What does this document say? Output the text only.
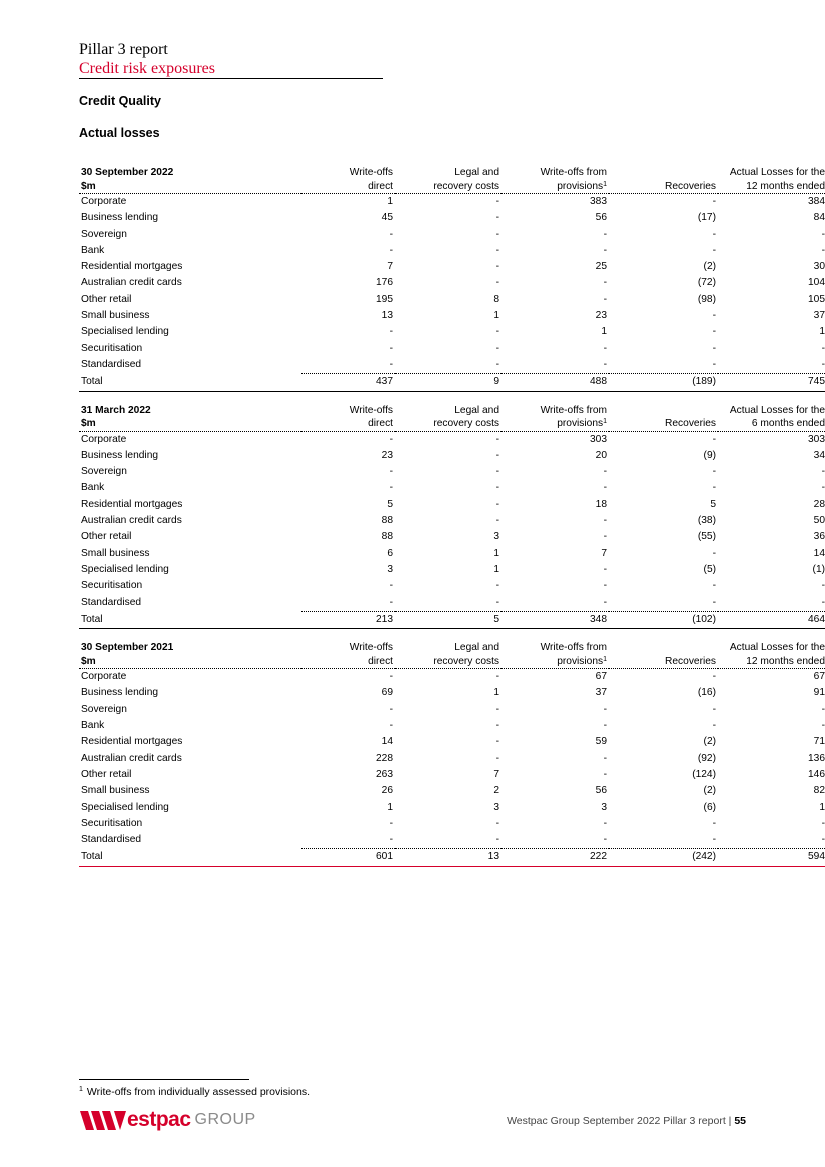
Pillar 3 report
Credit risk exposures
Credit Quality
Actual losses
30 September 2022	Write-offs	Legal and	Write-offs from		Actual Losses for the
$m	direct	recovery costs	provisions$^1$	Recoveries	12 months ended
Corporate	1	-	383	-	384
Business lending	45	-	56	(17)	84
Sovereign	-	-	-	-	-
Bank	-	-	-	-	-
Residential mortgages	7	-	25	(2)	30
Australian credit cards	176	-	-	(72)	104
Other retail	195	8	-	(98)	105
Small business	13	1	23	-	37
Specialised lending	-	-	1	-	1
Securitisation	-	-	-	-	-
Standardised	-	-	-	-	-
Total	437	9	488	(189)	745
31 March 2022	Write-offs	Legal and	Write-offs from		Actual Losses for the
$m	direct	recovery costs	provisions$^1$	Recoveries	6 months ended
Corporate	-	-	303	-	303
Business lending	23	-	20	(9)	34
Sovereign	-	-	-	-	-
Bank	-	-	-	-	-
Residential mortgages	5	-	18	5	28
Australian credit cards	88	-	-	(38)	50
Other retail	88	3	-	(55)	36
Small business	6	1	7	-	14
Specialised lending	3	1	-	(5)	(1)
Securitisation	-	-	-	-	-
Standardised	-	-	-	-	-
Total	213	5	348	(102)	464
30 September 2021	Write-offs	Legal and	Write-offs from		Actual Losses for the
$m	direct	recovery costs	provisions$^1$	Recoveries	12 months ended
Corporate	-	-	67	-	67
Business lending	69	1	37	(16)	91
Sovereign	-	-	-	-	-
Bank	-	-	-	-	-
Residential mortgages	14	-	59	(2)	71
Australian credit cards	228	-	-	(92)	136
Other retail	263	7	-	(124)	146
Small business	26	2	56	(2)	82
Specialised lending	1	3	3	(6)	1
Securitisation	-	-	-	-	-
Standardised	-	-	-	-	-
Total	601	13	222	(242)	594
$^1$ Write-offs from individually assessed provisions.
estpac GROUP	Westpac Group September 2022 Pillar 3 report | 55
